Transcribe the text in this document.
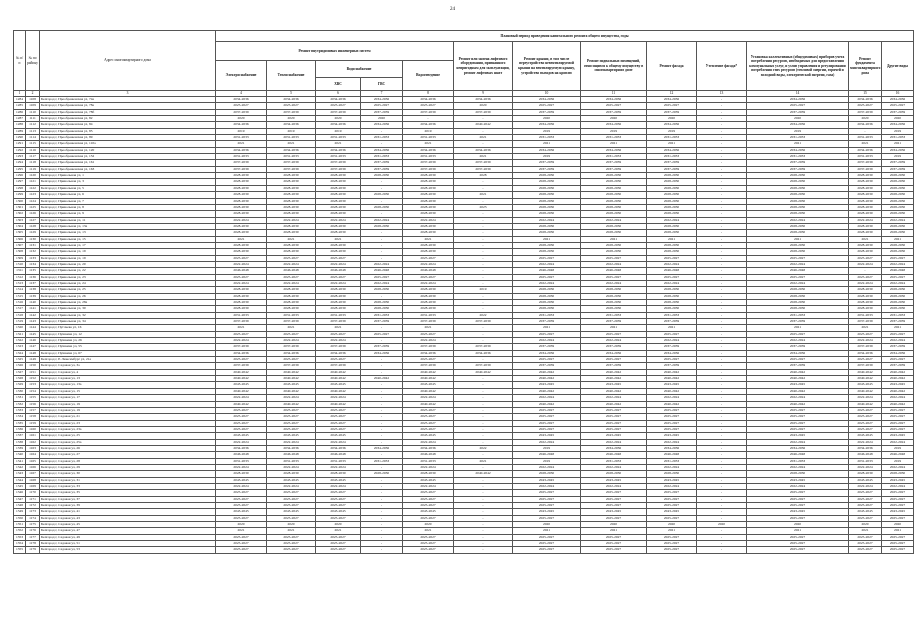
24
№ п/п	№ по району	Адрес многоквартирного дома	Плановый период проведения капитального ремонта общего имущества, годы												
			Ремонт внутридомовых инженерных систем					Ремонт или замена лифтового оборудования, признанного непригодным для эксплуатации, ремонт лифтовых шахт	Ремонт крыши, в том числе переустройство невентилируемой крыши на вентилируемую крышу, устройство выходов на кровлю	Ремонт подвальных помещений, относящихся к общему имуществу в многоквартирном доме	Ремонт фасада	Утепление фасада*	Установка коллективных (общедомовых) приборов учета потребления ресурсов, необходимых для предоставления коммунальных услуг, и узлов управления и регулирования потребления этих ресурсов (тепловой энергии, горячей и холодной воды, электрической энергии, газа)	Ремонт фундамента многоквартирного дома	Другие виды
			Электроснабжение	Теплоснабжение	Водоснабжение		Водоотведение								
					ХВС	ГВС									
1	2	3	4	5	6	7	8	9	10	11	12	13	14	15	16
1284	1108	Белгород г, Преображенская ул, 74а	2034-2036	2034-2036	2034-2036	2034-2036	2034-2036	2034-2036	2034-2036	2034-2036	2034-2036	-	2034-2036	2034-2036	2034-2036
1285	1109	Белгород г, Преображенская ул, 78а	2025-2027	2025-2027	2025-2027	2025-2027	2025-2027	2020	2025-2027	2025-2027	2025-2027	-	2025-2027	2025-2027	2025-2027
1286	1110	Белгород г, Преображенская ул, 78б	2037-2039	2037-2039	2037-2039	2037-2039	2037-2039	2037-2039	2037-2039	2037-2039	2037-2039	-	2037-2039	2037-2039	2037-2039
1287	1111	Белгород г, Преображенская ул, 82	2020	2020	2020	2020	-	-	2020	2020	2020	-	2020	2020	2020
1288	1112	Белгород г, Преображенская ул, 84	2034-2036	2034-2036	2034-2036	2034-2036	2034-2036	2040-2042	2034-2036	2034-2036	2034-2036	-	2034-2036	2034-2036	2034-2036
1289	1113	Белгород г, Преображенская ул, 85	2019	2019	2019	-	2019	-	2019	2019	2019	-	2019	-	2019
1290	1114	Белгород г, Преображенская ул, 89	2031-2033	2031-2033	2031-2033	2031-2033	2031-2033	2021	2031-2033	2031-2033	2031-2033	-	2031-2033	2031-2033	2031-2033
1291	1115	Белгород г, Преображенская ул, 110а	2021	2021	2021	-	2021	-	2021	2021	2021	-	2021	2021	2021
1292	1116	Белгород г, Преображенская ул, 120	2034-2036	2034-2036	2034-2036	2034-2036	2034-2036	2034-2036	2034-2036	2034-2036	2034-2036	-	2034-2036	2034-2036	2034-2036
1293	1117	Белгород г, Преображенская ул, 152	2031-2033	2031-2033	2031-2033	2031-2033	2031-2033	2021	2019	2031-2033	2031-2033	-	2031-2033	2031-2033	2019
1294	1118	Белгород г, Преображенская ул, 161	2037-2039	2037-2039	2037-2039	2037-2039	2037-2039	2037-2039	2037-2039	2037-2039	2037-2039	-	2037-2039	2037-2039	2037-2039
1295	1119	Белгород г, Преображенская ул, 163	2037-2039	2037-2039	2037-2039	2037-2039	2037-2039	2037-2039	2037-2039	2037-2039	2037-2039	-	2037-2039	2037-2039	2037-2039
1296	1120	Белгород г, Привольная ул, 1	2028-2030	2028-2030	2028-2030	2028-2030	2028-2030	2028	2028-2030	2028-2030	2028-2030	-	2028-2030	2028-2030	2028-2030
1297	1121	Белгород г, Привольная ул, 3	2028-2030	2028-2030	2028-2030	-	2028-2030	-	2028-2030	2028-2030	2028-2030	-	2028-2030	2028-2030	2028-2030
1298	1122	Белгород г, Привольная ул, 5	2028-2030	2028-2030	2028-2030	-	2028-2030	-	2028-2030	2028-2030	2028-2030	-	2028-2030	2028-2030	2028-2030
1299	1123	Белгород г, Привольная ул, 6	2028-2030	2028-2030	2028-2030	2028-2030	2028-2030	2021	2028-2030	2028-2030	2028-2030	-	2028-2030	2028-2030	2028-2030
1300	1124	Белгород г, Привольная ул, 7	2028-2030	2028-2030	2028-2030	-	2028-2030	-	2028-2030	2028-2030	2028-2030	-	2028-2030	2028-2030	2028-2030
1301	1125	Белгород г, Привольная ул, 8	2028-2030	2028-2030	2028-2030	2028-2030	2028-2030	2023	2028-2030	2028-2030	2028-2030	-	2028-2030	2028-2030	2028-2030
1302	1126	Белгород г, Привольная ул, 9	2028-2030	2028-2030	2028-2030	-	2028-2030	-	2028-2030	2028-2030	2028-2030	-	2028-2030	2028-2030	2028-2030
1303	1127	Белгород г, Привольная ул, 11	2022-2024	2022-2024	2022-2024	2022-2024	2022-2024	-	2022-2024	2022-2024	2022-2024	-	2022-2024	2022-2024	2022-2024
1304	1128	Белгород г, Привольная ул, 13а	2028-2030	2028-2030	2028-2030	2028-2030	2028-2030	-	2028-2030	2028-2030	2028-2030	-	2028-2030	2028-2030	2028-2030
1305	1129	Белгород г, Привольная ул, 13	2028-2030	2028-2030	2028-2030	-	2028-2030	-	2028-2030	2028-2030	2028-2030	-	2028-2030	2028-2030	2028-2030
1306	1130	Белгород г, Привольная ул, 15	2021	2021	2021	-	2021	-	2021	2021	2021	-	2021	2021	2021
1307	1131	Белгород г, Привольная ул, 17	2028-2030	2028-2030	2028-2030	-	2028-2030	-	2028-2030	2028-2030	2028-2030	-	2028-2030	2028-2030	2028-2030
1308	1132	Белгород г, Привольная ул, 19	2028-2030	2028-2030	2028-2030	-	2028-2030	-	2028-2030	2028-2030	2028-2030	-	2028-2030	2028-2030	2028-2030
1309	1133	Белгород г, Привольная ул, 19	2025-2027	2025-2027	2025-2027	-	2025-2027	-	2025-2027	2025-2027	2025-2027	-	2025-2027	2025-2027	2025-2027
1310	1134	Белгород г, Привольная ул, 20	2022-2024	2022-2024	2022-2024	2022-2024	2022-2024	-	2022-2024	2022-2024	2022-2024	-	2022-2024	2022-2024	2022-2024
1311	1135	Белгород г, Привольная ул, 22	2046-2048	2046-2048	2046-2048	2046-2048	2046-2048	-	2046-2048	2046-2048	2046-2048	-	2046-2048	-	2046-2048
1312	1136	Белгород г, Привольная ул, 23	2025-2027	2025-2027	2025-2027	2025-2027	2025-2027	-	2025-2027	2025-2027	2025-2027	-	2025-2027	2025-2027	2025-2027
1313	1137	Белгород г, Привольная ул, 24	2022-2024	2022-2024	2022-2024	2022-2024	2022-2024	-	2022-2024	2022-2024	2022-2024	-	2022-2024	2022-2024	2022-2024
1314	1138	Белгород г, Привольная ул, 25	2028-2030	2028-2030	2028-2030	2028-2030	2028-2030	2019	2028-2030	2028-2030	2028-2030	-	2028-2030	2028-2030	2028-2030
1315	1139	Белгород г, Привольная ул, 26	2028-2030	2028-2030	2028-2030	-	2028-2030	-	2028-2030	2028-2030	2028-2030	-	2028-2030	2028-2030	2028-2030
1316	1140	Белгород г, Привольная ул, 28а	2028-2030	2028-2030	2028-2030	2028-2030	2028-2030	-	2028-2030	2028-2030	2028-2030	-	2028-2030	2028-2030	2028-2030
1317	1141	Белгород г, Привольная ул, 30	2028-2030	2028-2030	2028-2030	2028-2030	2028-2030	-	2028-2030	2028-2030	2028-2030	-	2028-2030	2028-2030	2028-2030
1318	1142	Белгород г, Привольная ул, 32	2031-2033	2031-2033	2031-2033	2031-2033	2031-2033	2022	2031-2033	2031-2033	2031-2033	-	2031-2033	2031-2033	2031-2033
1319	1143	Белгород г, Привольная ул, 34	2037-2039	2037-2039	2037-2039	2037-2039	2037-2039	2037-2039	2037-2039	2037-2039	2037-2039	-	2037-2039	2037-2039	2037-2039
1320	1144	Белгород г, Пугачева ул, 16	2021	2021	2021	-	2021	-	2021	2021	2021	-	2021	2021	2021
1321	1145	Белгород г, Пушкина ул, 12	2025-2027	2025-2027	2025-2027	2025-2027	2025-2027	-	2025-2027	2025-2027	2025-2027	-	2025-2027	2025-2027	2025-2027
1322	1146	Белгород г, Пушкина ул, 26	2022-2024	2022-2024	2022-2024	-	2022-2024	-	2022-2024	2022-2024	2022-2024	-	2022-2024	2022-2024	2022-2024
1323	1147	Белгород г, Пушкина ул, 55	2037-2039	2037-2039	2037-2039	2037-2039	2037-2039	2037-2039	2037-2039	2037-2039	2037-2039	-	2037-2039	2037-2039	2037-2039
1324	1148	Белгород г, Пушкина ул, 67	2034-2036	2034-2036	2034-2036	2034-2036	2034-2036	2034-2036	2034-2036	2034-2036	2034-2036	-	2034-2036	2034-2036	2034-2036
1325	1149	Белгород г, Р. Люксембург ул, 21а	2025-2027	2025-2027	2025-2027	-	2025-2027	-	2025-2027	2025-2027	2025-2027	-	2025-2027	2025-2027	2025-2027
1326	1150	Белгород г, Садовая ул, 3а	2037-2039	2037-2039	2037-2039	-	2037-2039	2037-2039	2037-2039	2037-2039	2037-2039	-	2037-2039	2037-2039	2037-2039
1327	1151	Белгород г, Садовая ул, 4	2040-2042	2040-2042	2040-2042	-	2040-2042	2040-2042	2040-2042	2040-2042	2040-2042	-	2040-2042	2040-2042	2040-2042
1328	1152	Белгород г, Садовая ул, 13	2040-2042	2040-2042	2040-2042	2040-2042	2040-2042	-	2040-2042	2040-2042	2040-2042	-	2040-2042	2040-2042	2040-2042
1329	1153	Белгород г, Садовая ул, 13а	2043-2045	2043-2045	2043-2045	-	2043-2045	-	2043-2045	2043-2045	2043-2045	-	2043-2045	2043-2045	2043-2045
1330	1154	Белгород г, Садовая ул, 15	2040-2042	2040-2042	2040-2042	-	2040-2042	-	2040-2042	2040-2042	2040-2042	-	2040-2042	2040-2042	2040-2042
1331	1155	Белгород г, Садовая ул, 17	2022-2024	2022-2024	2022-2024	-	2022-2024	-	2022-2024	2022-2024	2022-2024	-	2022-2024	2022-2024	2022-2024
1332	1156	Белгород г, Садовая ул, 19	2040-2042	2040-2042	2040-2042	-	2040-2042	-	2040-2042	2040-2042	2040-2042	-	2040-2042	2040-2042	2040-2042
1333	1157	Белгород г, Садовая ул, 19	2025-2027	2025-2027	2025-2027	-	2025-2027	-	2025-2027	2025-2027	2025-2027	-	2025-2027	2025-2027	2025-2027
1334	1158	Белгород г, Садовая ул, 21	2025-2027	2025-2027	2025-2027	-	2025-2027	-	2025-2027	2025-2027	2025-2027	-	2025-2027	2025-2027	2025-2027
1335	1159	Белгород г, Садовая ул, 23	2025-2027	2025-2027	2025-2027	-	2025-2027	-	2025-2027	2025-2027	2025-2027	-	2025-2027	2025-2027	2025-2027
1336	1160	Белгород г, Садовая ул, 23а	2025-2027	2025-2027	2025-2027	-	2025-2027	-	2025-2027	2025-2027	2025-2027	-	2025-2027	2025-2027	2025-2027
1337	1161	Белгород г, Садовая ул, 25	2043-2045	2043-2045	2043-2045	-	2043-2045	-	2043-2045	2043-2045	2043-2045	-	2043-2045	2043-2045	2043-2045
1338	1162	Белгород г, Садовая ул, 25а	2022-2024	2022-2024	2022-2024	-	2022-2024	-	2022-2024	2022-2024	2022-2024	-	2022-2024	2022-2024	2022-2024
1339	1163	Белгород г, Садовая ул, 26	2034-2036	2034-2036	2034-2036	2034-2036	2034-2036	2022	2019	2034-2036	2034-2036	-	2034-2036	2034-2036	2019
1340	1164	Белгород г, Садовая ул, 27	2046-2048	2046-2048	2046-2048	-	2046-2048	-	2046-2048	2046-2048	2046-2048	-	2046-2048	2046-2048	2046-2048
1341	1165	Белгород г, Садовая ул, 28	2031-2033	2031-2033	2031-2033	2031-2033	2031-2033	2021	2019	2031-2033	2031-2033	-	2031-2033	2031-2033	2019
1342	1166	Белгород г, Садовая ул, 29	2022-2024	2022-2024	2022-2024	-	2022-2024	-	2022-2024	2022-2024	2022-2024	-	2022-2024	2022-2024	2022-2024
1343	1167	Белгород г, Садовая ул, 30	2028-2030	2028-2030	2028-2030	2028-2030	2028-2030	2040-2042	2028-2030	2028-2030	2028-2030	-	2028-2030	2028-2030	2028-2030
1344	1168	Белгород г, Садовая ул, 31	2043-2045	2043-2045	2043-2045	-	2043-2045	-	2043-2045	2043-2045	2043-2045	-	2043-2045	2043-2045	2043-2045
1345	1169	Белгород г, Садовая ул, 33	2022-2024	2022-2024	2022-2024	-	2022-2024	-	2022-2024	2022-2024	2022-2024	-	2022-2024	2022-2024	2022-2024
1346	1170	Белгород г, Садовая ул, 35	2025-2027	2025-2027	2025-2027	-	2025-2027	-	2025-2027	2025-2027	2025-2027	-	2025-2027	2025-2027	2025-2027
1347	1171	Белгород г, Садовая ул, 37	2025-2027	2025-2027	2025-2027	-	2025-2027	-	2025-2027	2025-2027	2025-2027	-	2025-2027	2025-2027	2025-2027
1348	1172	Белгород г, Садовая ул, 39	2025-2027	2025-2027	2025-2027	-	2025-2027	-	2025-2027	2025-2027	2025-2027	-	2025-2027	2025-2027	2025-2027
1349	1173	Белгород г, Садовая ул, 41	2043-2045	2043-2045	2043-2045	-	2043-2045	-	2043-2045	2043-2045	2043-2045	-	2043-2045	2043-2045	2043-2045
1350	1174	Белгород г, Садовая ул, 43	2025-2027	2025-2027	2025-2027	-	2025-2027	-	2025-2027	2025-2027	2025-2027	-	2025-2027	2025-2027	2025-2027
1351	1175	Белгород г, Садовая ул, 45	2020	2020	2020	-	2020	-	2020	2020	2020	2020	2020	2020	2020
1352	1176	Белгород г, Садовая ул, 47	2021	2021	2021	-	2021	-	2021	2021	2021	-	2021	2021	2021
1353	1177	Белгород г, Садовая ул, 49	2025-2027	2025-2027	2025-2027	-	2025-2027	-	2025-2027	2025-2027	2025-2027	-	2025-2027	2025-2027	2025-2027
1354	1178	Белгород г, Садовая ул, 51	2025-2027	2025-2027	2025-2027	-	2025-2027	-	2025-2027	2025-2027	2025-2027	-	2025-2027	2025-2027	2025-2027
1355	1179	Белгород г, Садовая ул, 53	2025-2027	2025-2027	2025-2027	-	2025-2027	-	2025-2027	2025-2027	2025-2027	-	2025-2027	2025-2027	2025-2027
